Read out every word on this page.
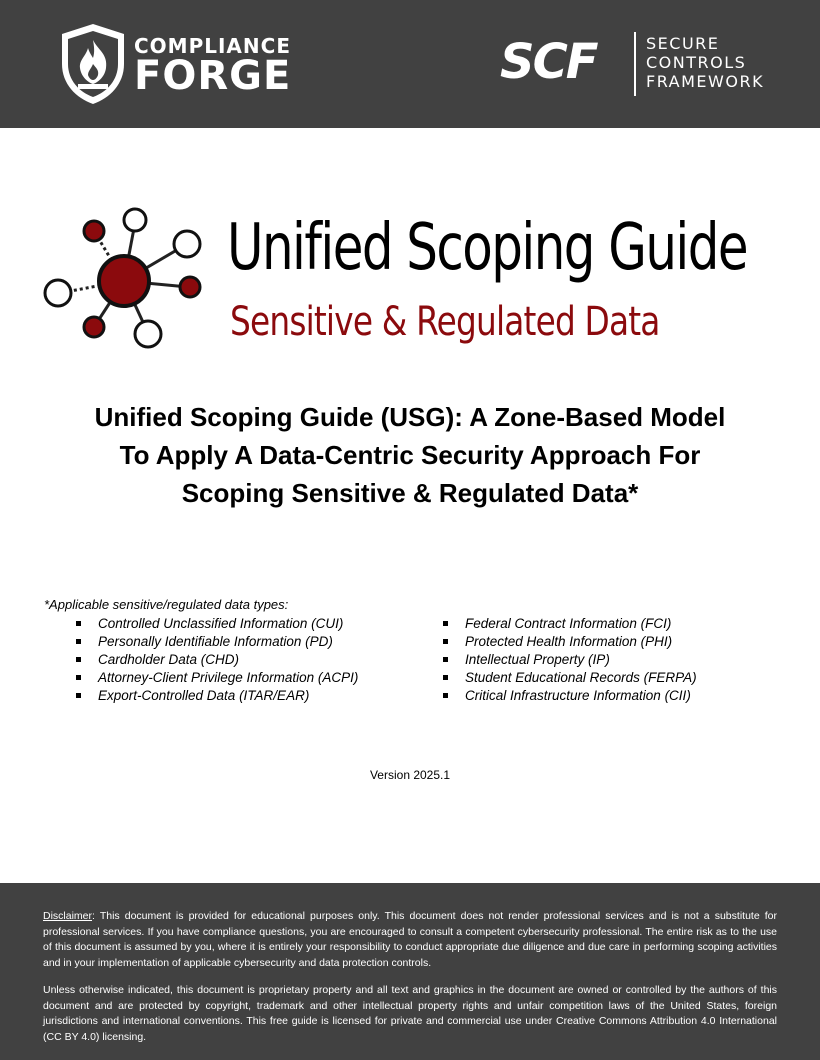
COMPLIANCE
FORGE	SCF	SECURE
CONTROLS
FRAMEWORK
Unified Scoping Guide
Sensitive & Regulated Data
Unified Scoping Guide (USG): A Zone-Based Model
To Apply A Data-Centric Security Approach For
Scoping Sensitive & Regulated Data*
*Applicable sensitive/regulated data types:
Controlled Unclassified Information (CUI)
Personally Identifiable Information (PD)
Cardholder Data (CHD)
Attorney-Client Privilege Information (ACPI)
Export-Controlled Data (ITAR/EAR)
Federal Contract Information (FCI)
Protected Health Information (PHI)
Intellectual Property (IP)
Student Educational Records (FERPA)
Critical Infrastructure Information (CII)
Version 2025.1

Disclaimer: This document is provided for educational purposes only. This document does not render professional services and is not a substitute for professional services. If you have compliance questions, you are encouraged to consult a competent cybersecurity professional. The entire risk as to the use of this document is assumed by you, where it is entirely your responsibility to conduct appropriate due diligence and due care in performing scoping activities and in your implementation of applicable cybersecurity and data protection controls.

Unless otherwise indicated, this document is proprietary property and all text and graphics in the document are owned or controlled by the authors of this document and are protected by copyright, trademark and other intellectual property rights and unfair competition laws of the United States, foreign jurisdictions and international conventions. This free guide is licensed for private and commercial use under Creative Commons Attribution 4.0 International (CC BY 4.0) licensing.
